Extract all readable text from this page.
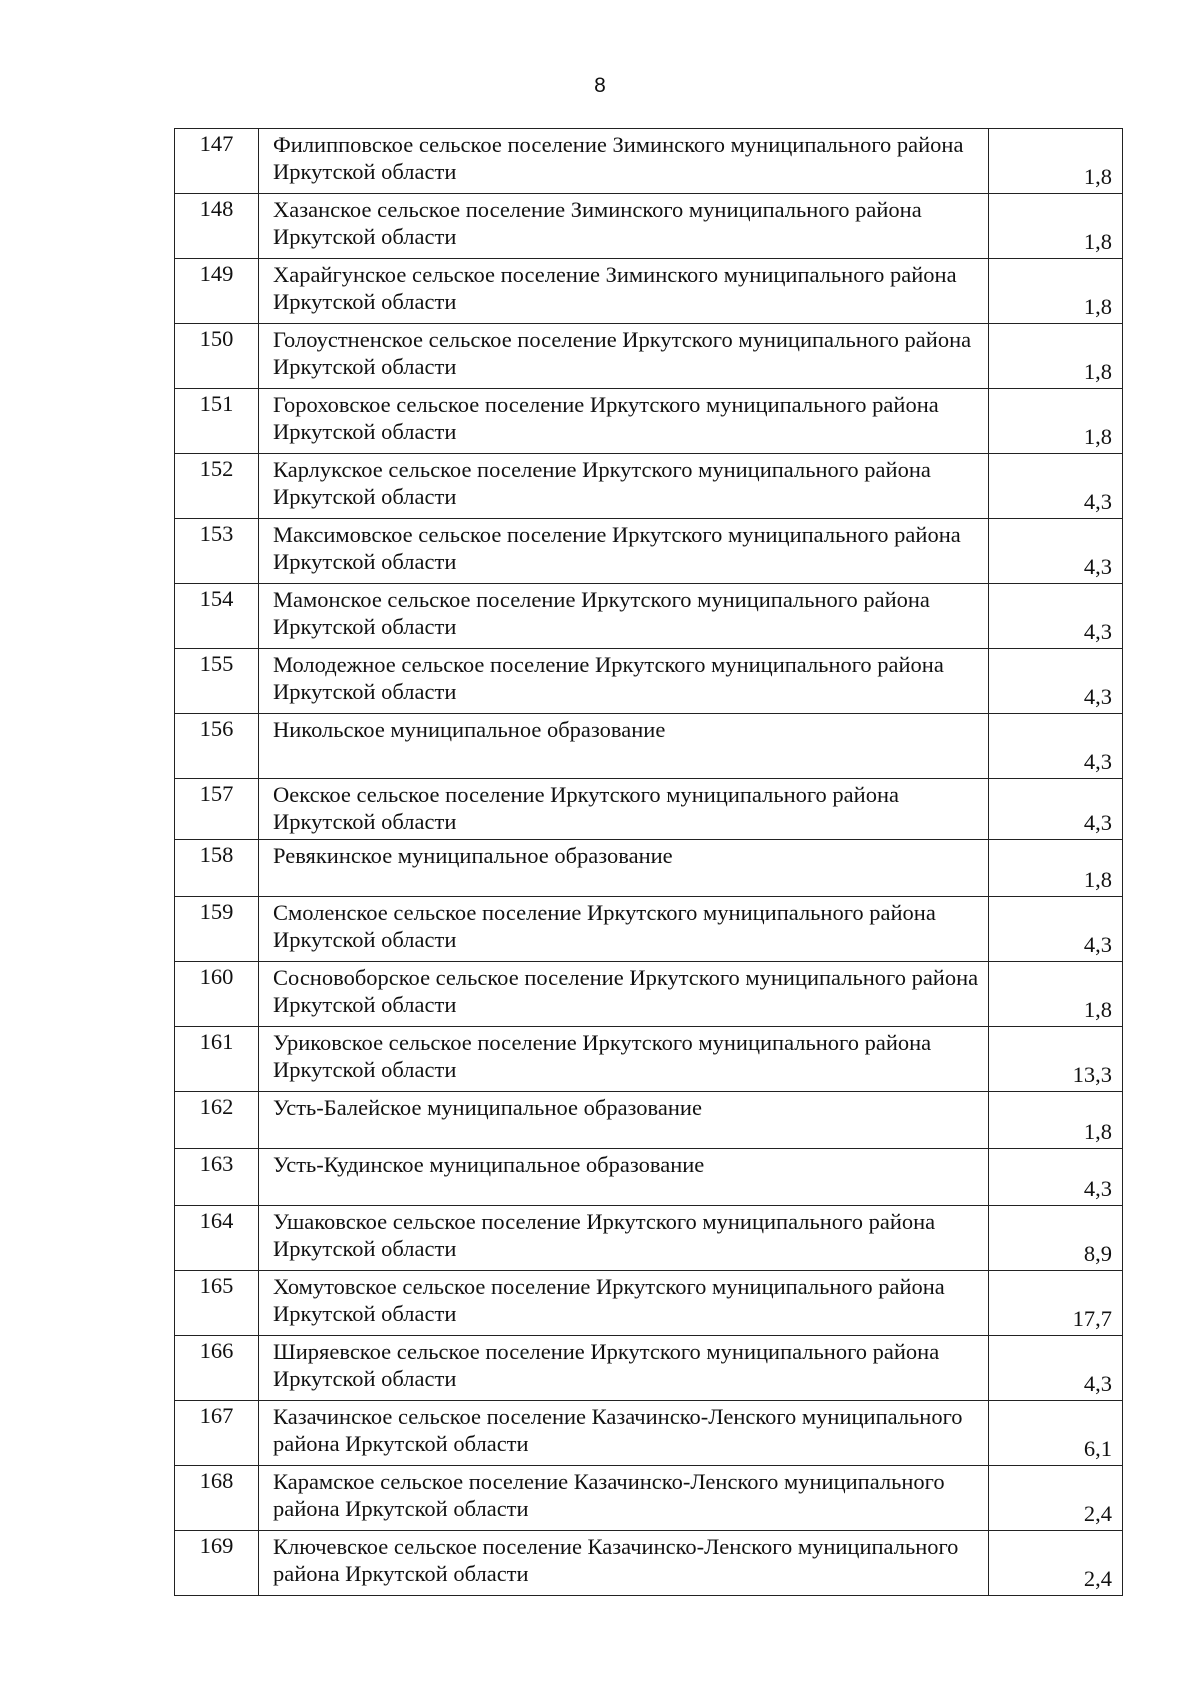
8
147	Филипповское сельское поселение Зиминского муниципального района Иркутской области	1,8
148	Хазанское сельское поселение Зиминского муниципального района Иркутской области	1,8
149	Харайгунское сельское поселение Зиминского муниципального района Иркутской области	1,8
150	Голоустненское сельское поселение Иркутского муниципального района Иркутской области	1,8
151	Гороховское сельское поселение Иркутского муниципального района Иркутской области	1,8
152	Карлукское сельское поселение Иркутского муниципального района Иркутской области	4,3
153	Максимовское сельское поселение Иркутского муниципального района Иркутской области	4,3
154	Мамонское сельское поселение Иркутского муниципального района Иркутской области	4,3
155	Молодежное сельское поселение Иркутского муниципального района Иркутской области	4,3
156	Никольское муниципальное образование	4,3
157	Оекское сельское поселение Иркутского муниципального района Иркутской области	4,3
158	Ревякинское муниципальное образование	1,8
159	Смоленское сельское поселение Иркутского муниципального района Иркутской области	4,3
160	Сосновоборское сельское поселение Иркутского муниципального района Иркутской области	1,8
161	Уриковское сельское поселение Иркутского муниципального района Иркутской области	13,3
162	Усть-Балейское муниципальное образование	1,8
163	Усть-Кудинское муниципальное образование	4,3
164	Ушаковское сельское поселение Иркутского муниципального района Иркутской области	8,9
165	Хомутовское сельское поселение Иркутского муниципального района Иркутской области	17,7
166	Ширяевское сельское поселение Иркутского муниципального района Иркутской области	4,3
167	Казачинское сельское поселение Казачинско-Ленского муниципального района Иркутской области	6,1
168	Карамское сельское поселение Казачинско-Ленского муниципального района Иркутской области	2,4
169	Ключевское сельское поселение Казачинско-Ленского муниципального района Иркутской области	2,4
